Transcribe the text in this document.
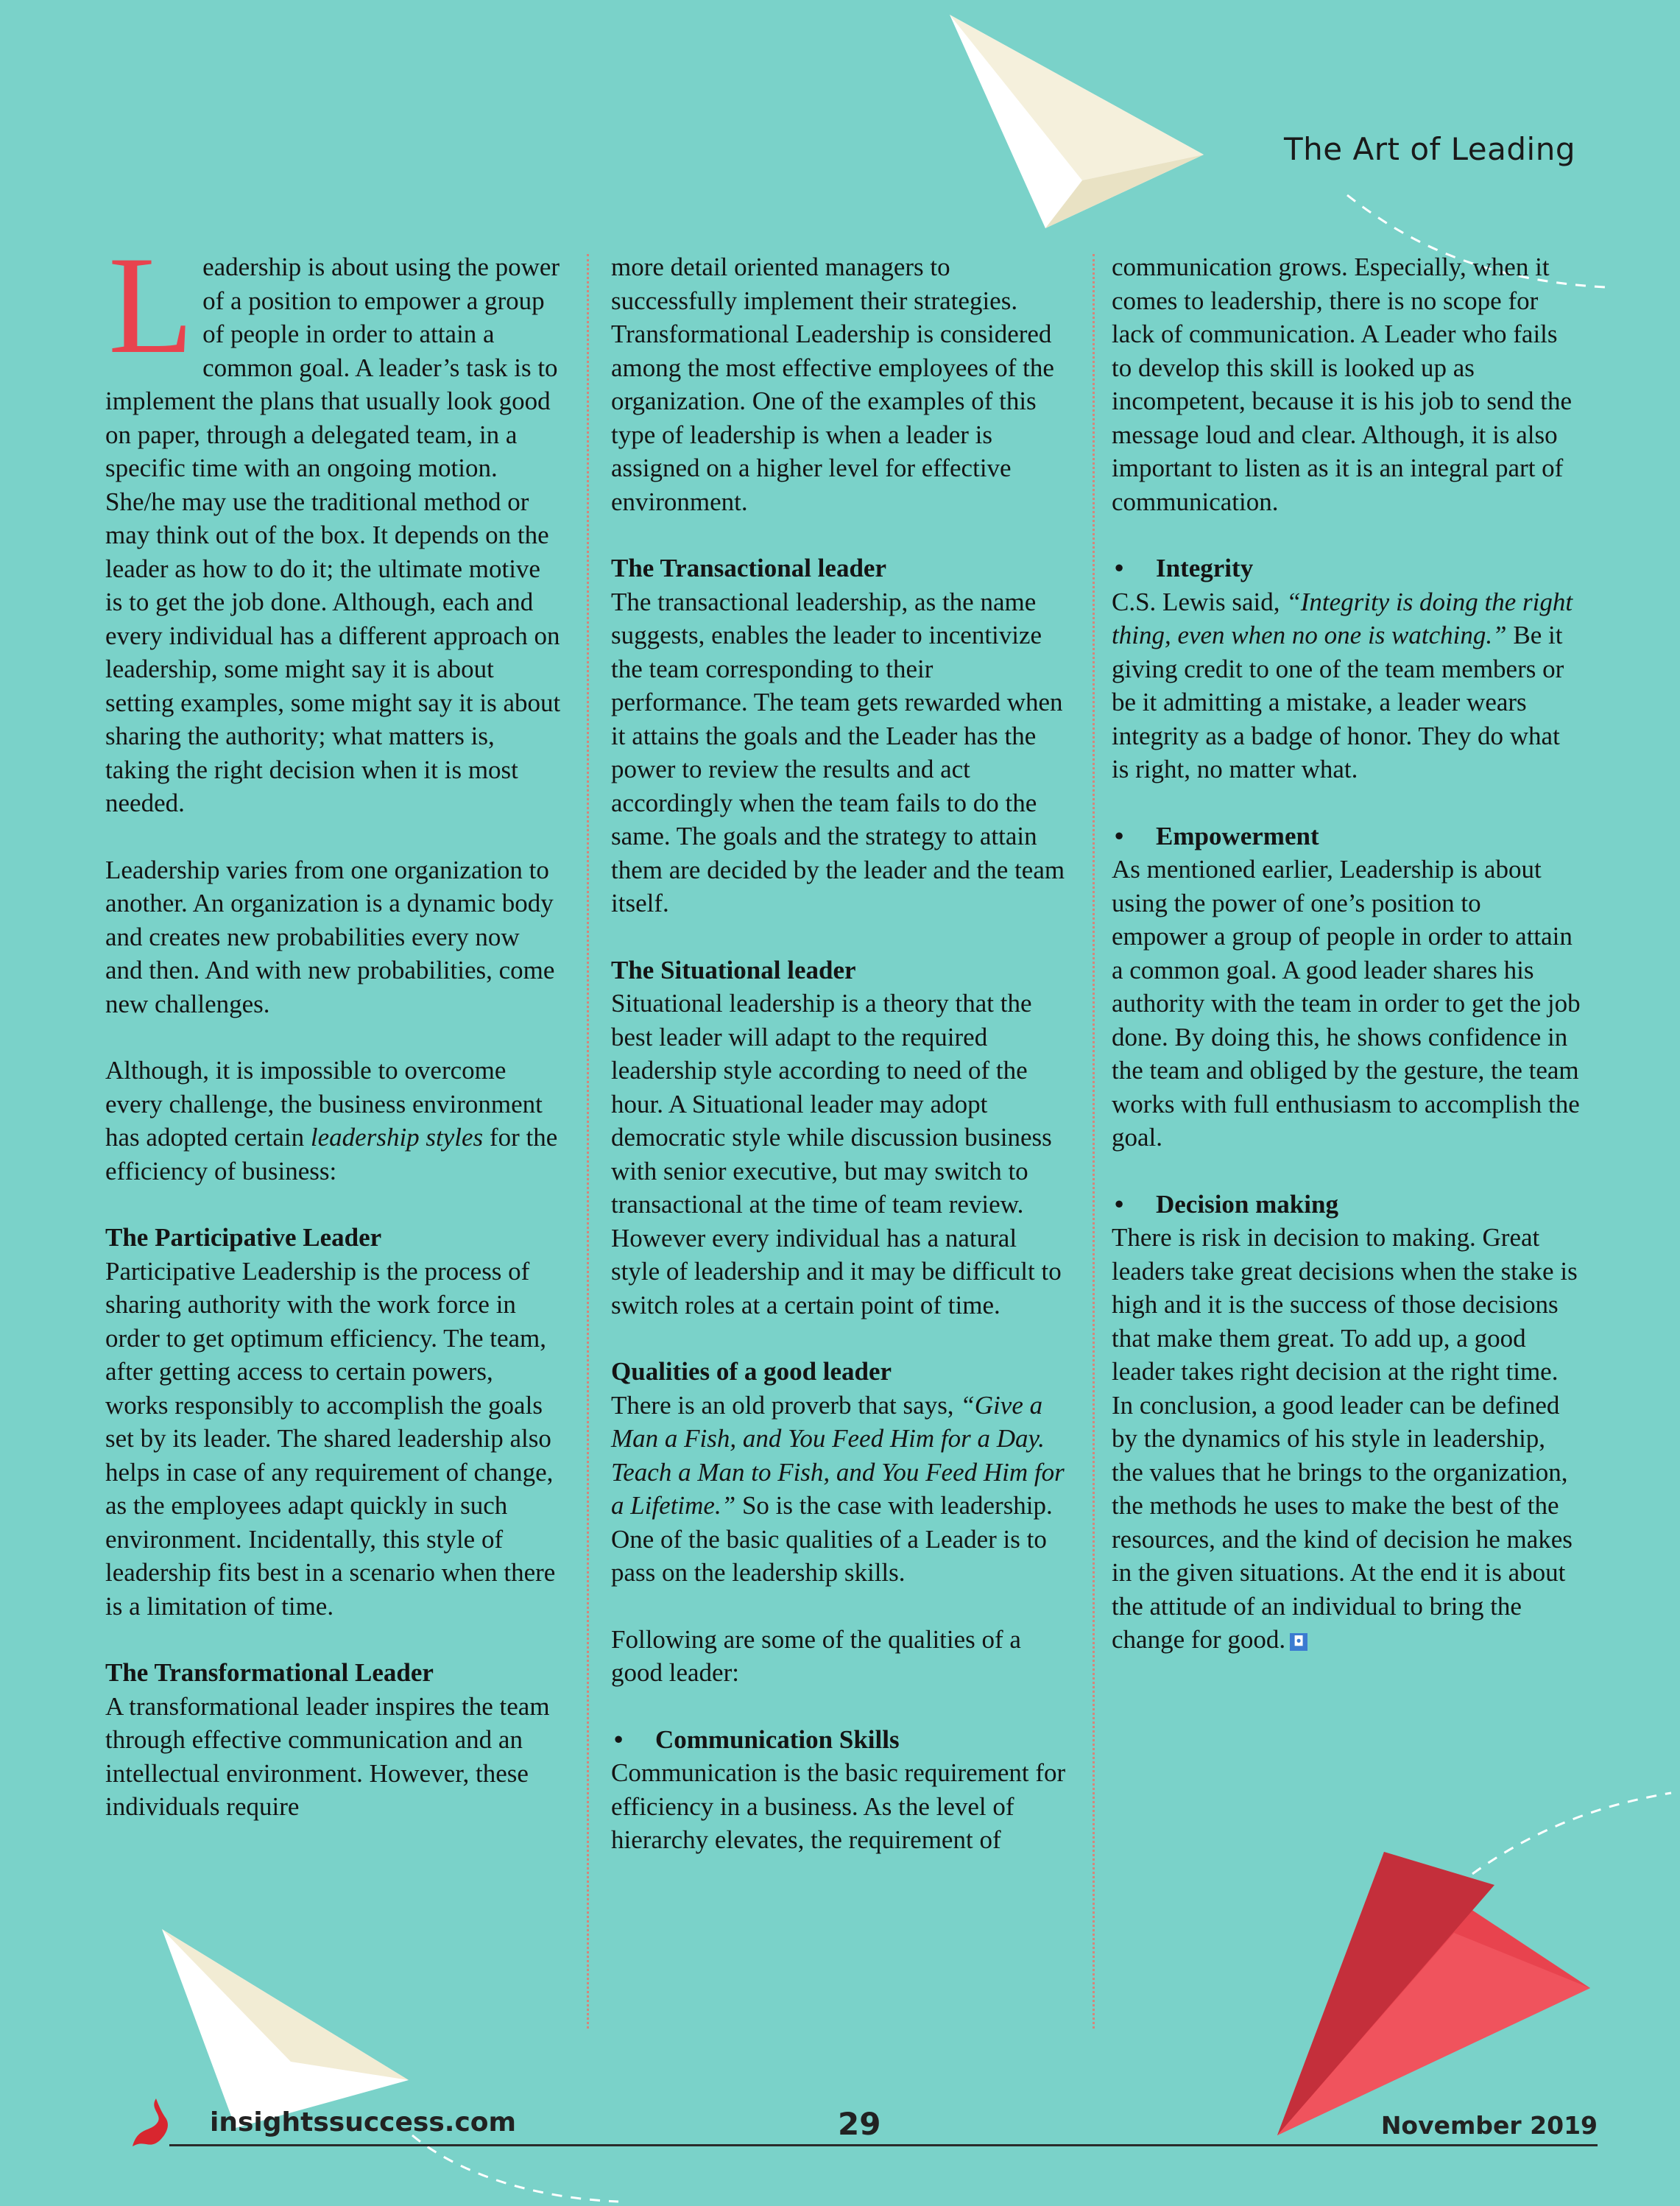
The Art of Leading

Leadership is about using the power of a position to empower a group of people in order to attain a common goal. A leader’s task is to implement the plans that usually look good on paper, through a delegated team, in a specific time with an ongoing motion. She/he may use the traditional method or may think out of the box. It depends on the leader as how to do it; the ultimate motive is to get the job done. Although, each and every individual has a different approach on leadership, some might say it is about setting examples, some might say it is about sharing the authority; what matters is, taking the right decision when it is most needed.

Leadership varies from one organization to another. An organization is a dynamic body and creates new probabilities every now and then. And with new probabilities, come new challenges.

Although, it is impossible to overcome every challenge, the business environment has adopted certain leadership styles for the efficiency of business:

The Participative Leader

Participative Leadership is the process of sharing authority with the work force in order to get optimum efficiency. The team, after getting access to certain powers, works responsibly to accomplish the goals set by its leader. The shared leadership also helps in case of any requirement of change, as the employees adapt quickly in such environment. Incidentally, this style of leadership fits best in a scenario when there is a limitation of time.

The Transformational Leader

A transformational leader inspires the team through effective communication and an intellectual environment. However, these individuals require

more detail oriented managers to successfully implement their strategies. Transformational Leadership is considered among the most effective employees of the organization. One of the examples of this type of leadership is when a leader is assigned on a higher level for effective environment.

The Transactional leader

The transactional leadership, as the name suggests, enables the leader to incentivize the team corresponding to their performance. The team gets rewarded when it attains the goals and the Leader has the power to review the results and act accordingly when the team fails to do the same. The goals and the strategy to attain them are decided by the leader and the team itself.

The Situational leader

Situational leadership is a theory that the best leader will adapt to the required leadership style according to need of the hour. A Situational leader may adopt democratic style while discussion business with senior executive, but may switch to transactional at the time of team review. However every individual has a natural style of leadership and it may be difficult to switch roles at a certain point of time.

Qualities of a good leader

There is an old proverb that says, “Give a Man a Fish, and You Feed Him for a Day. Teach a Man to Fish, and You Feed Him for a Lifetime.” So is the case with leadership. One of the basic qualities of a Leader is to pass on the leadership skills.

Following are some of the qualities of a good leader:

• Communication Skills

Communication is the basic requirement for efficiency in a business. As the level of hierarchy elevates, the requirement of

communication grows. Especially, when it comes to leadership, there is no scope for lack of communication. A Leader who fails to develop this skill is looked up as incompetent, because it is his job to send the message loud and clear. Although, it is also important to listen as it is an integral part of communication.

• Integrity

C.S. Lewis said, “Integrity is doing the right thing, even when no one is watching.” Be it giving credit to one of the team members or be it admitting a mistake, a leader wears integrity as a badge of honor. They do what is right, no matter what.

• Empowerment

As mentioned earlier, Leadership is about using the power of one’s position to empower a group of people in order to attain a common goal. A good leader shares his authority with the team in order to get the job done. By doing this, he shows confidence in the team and obliged by the gesture, the team works with full enthusiasm to accomplish the goal.

• Decision making

There is risk in decision to making. Great leaders take great decisions when the stake is high and it is the success of those decisions that make them great. To add up, a good leader takes right decision at the right time. In conclusion, a good leader can be defined by the dynamics of his style in leadership, the values that he brings to the organization, the methods he uses to make the best of the resources, and the kind of decision he makes in the given situations. At the end it is about the attitude of an individual to bring the change for good. ◘

insightssuccess.com	29	November 2019
